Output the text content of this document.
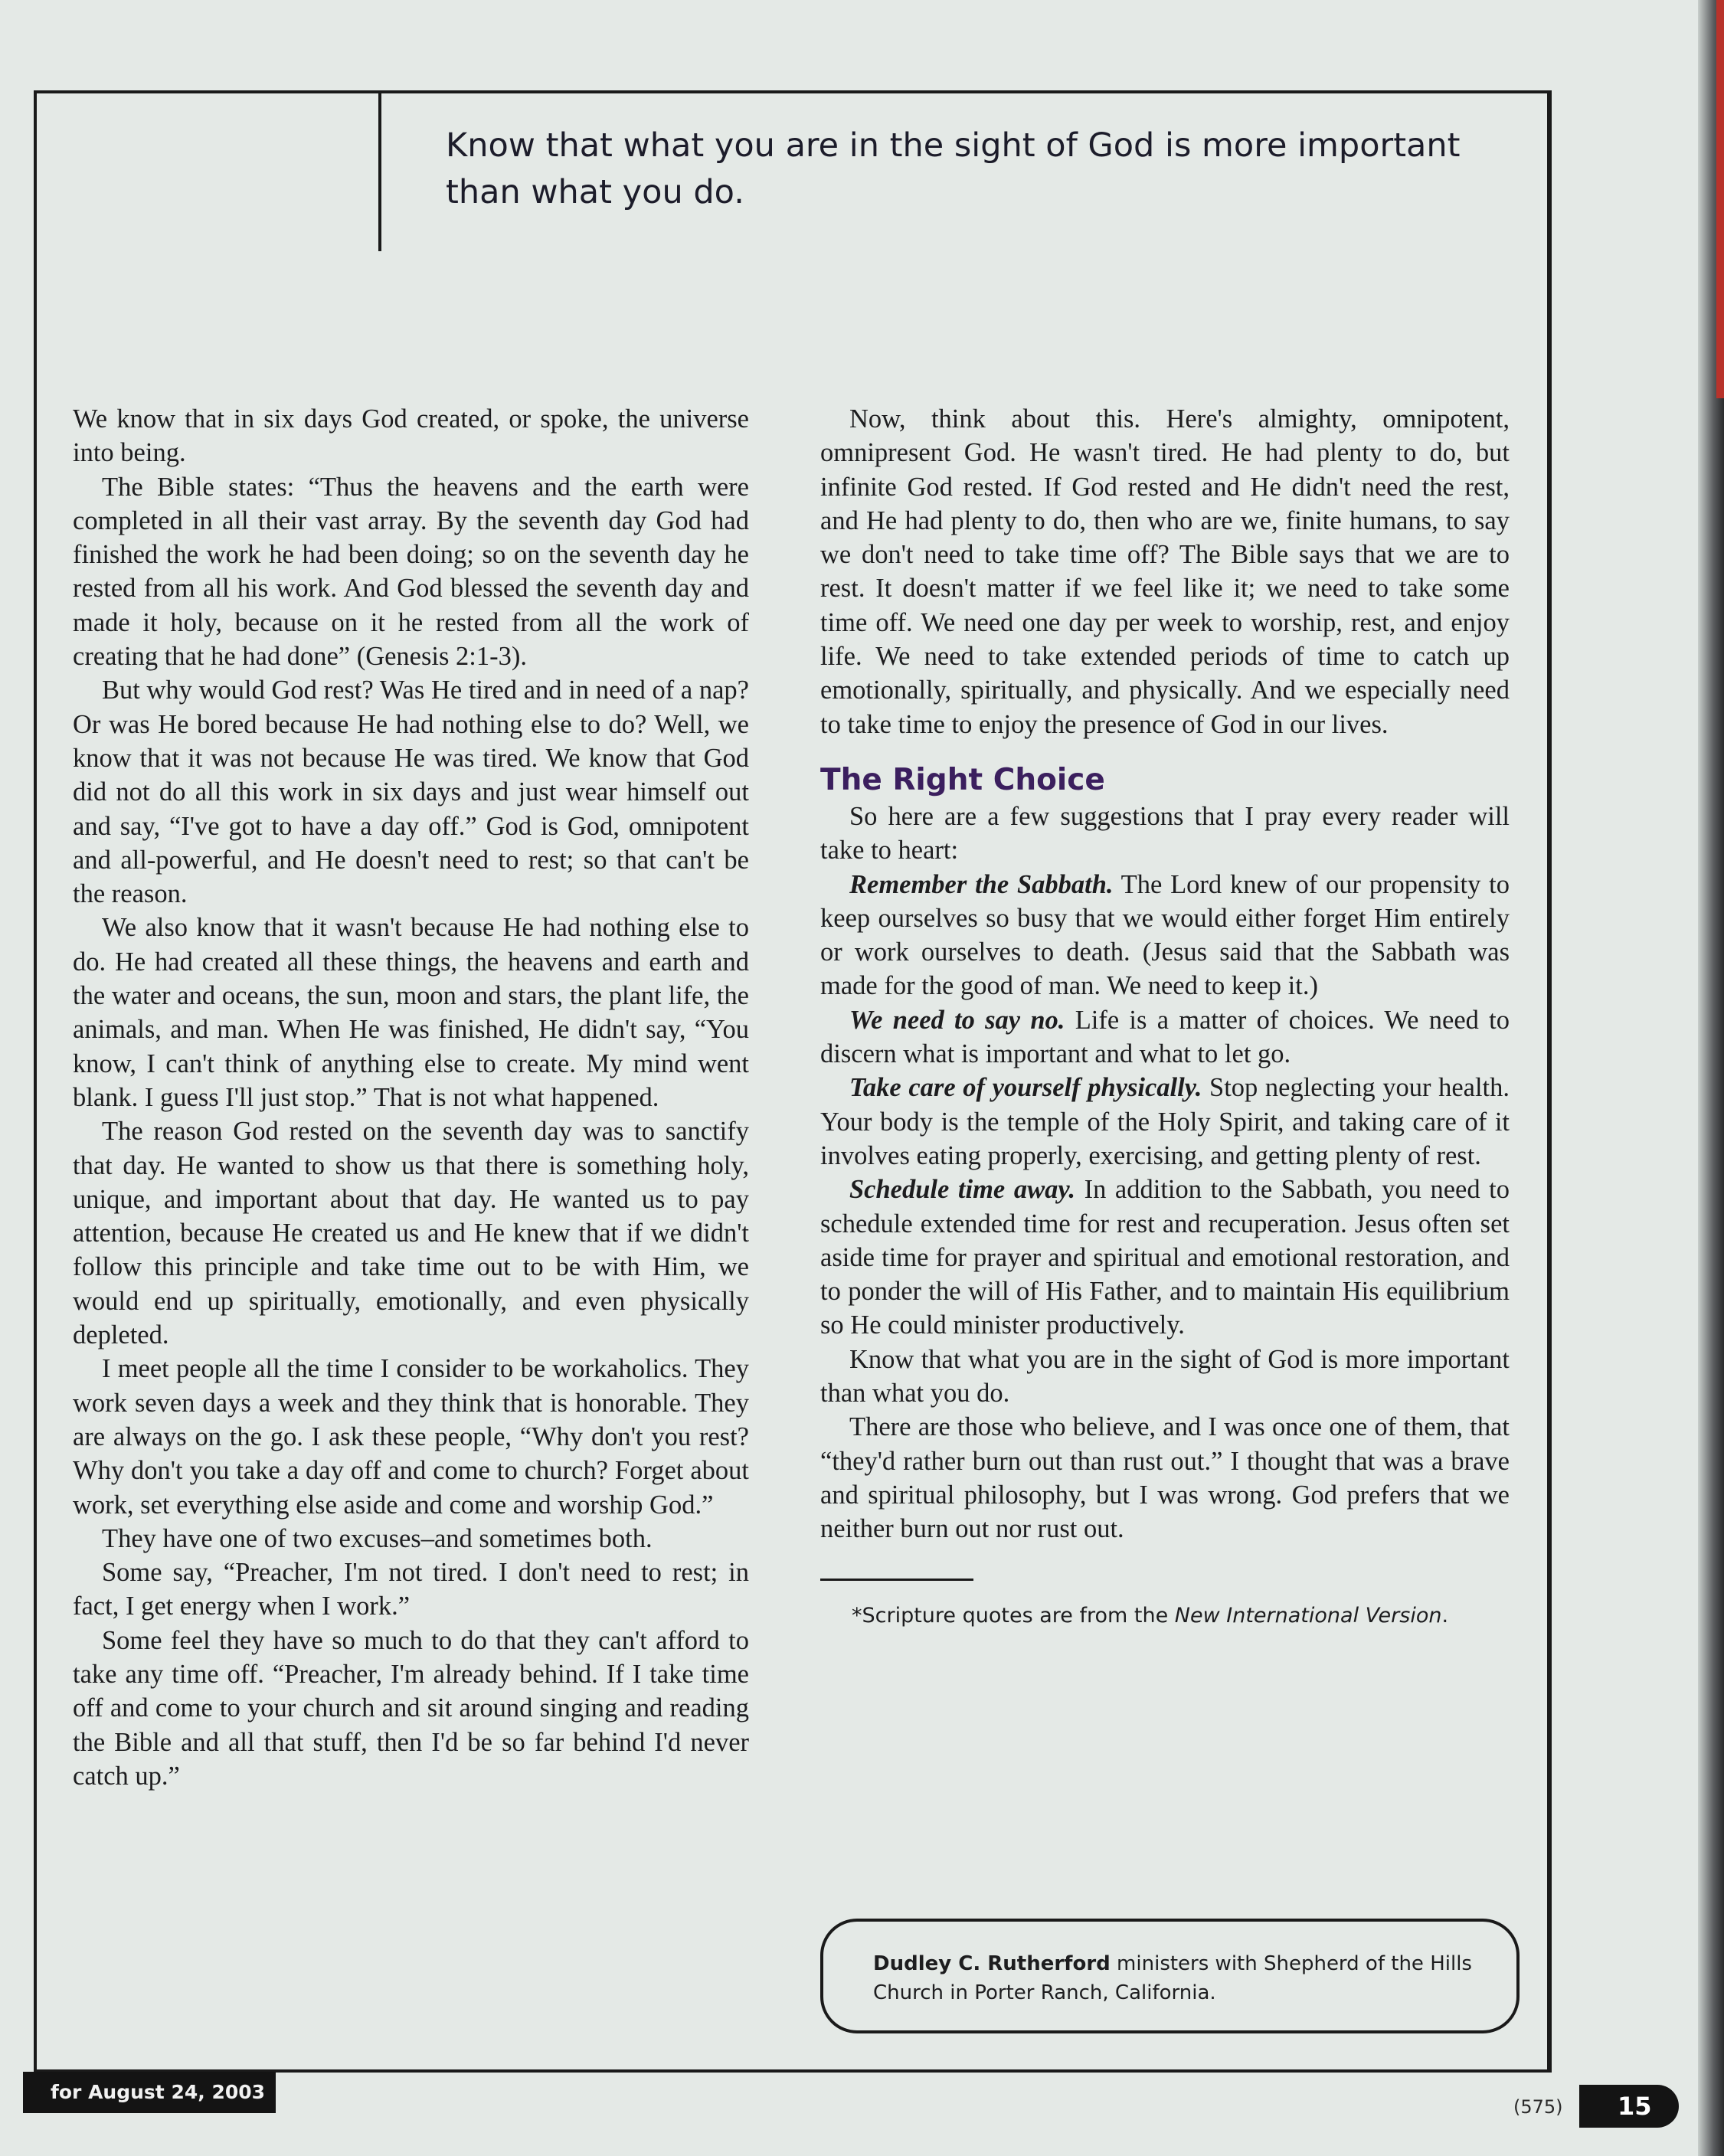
Know that what you are in the sight of God is more important than what you do.

We know that in six days God created, or spoke, the universe into being.

The Bible states: “Thus the heavens and the earth were completed in all their vast array. By the seventh day God had finished the work he had been doing; so on the seventh day he rested from all his work. And God blessed the seventh day and made it holy, because on it he rested from all the work of creating that he had done” (Genesis 2:1-3).

But why would God rest? Was He tired and in need of a nap? Or was He bored because He had nothing else to do? Well, we know that it was not because He was tired. We know that God did not do all this work in six days and just wear himself out and say, “I've got to have a day off.” God is God, omnipotent and all-powerful, and He doesn't need to rest; so that can't be the reason.

We also know that it wasn't because He had nothing else to do. He had created all these things, the heavens and earth and the water and oceans, the sun, moon and stars, the plant life, the animals, and man. When He was finished, He didn't say, “You know, I can't think of anything else to create. My mind went blank. I guess I'll just stop.” That is not what happened.

The reason God rested on the seventh day was to sanctify that day. He wanted to show us that there is something holy, unique, and important about that day. He wanted us to pay attention, because He created us and He knew that if we didn't follow this principle and take time out to be with Him, we would end up spiritually, emotionally, and even physically depleted.

I meet people all the time I consider to be workaholics. They work seven days a week and they think that is honorable. They are always on the go. I ask these people, “Why don't you rest? Why don't you take a day off and come to church? Forget about work, set everything else aside and come and worship God.”

They have one of two excuses–and sometimes both.

Some say, “Preacher, I'm not tired. I don't need to rest; in fact, I get energy when I work.”

Some feel they have so much to do that they can't afford to take any time off. “Preacher, I'm already behind. If I take time off and come to your church and sit around singing and reading the Bible and all that stuff, then I'd be so far behind I'd never catch up.”

Now, think about this. Here's almighty, omnipotent, omnipresent God. He wasn't tired. He had plenty to do, but infinite God rested. If God rested and He didn't need the rest, and He had plenty to do, then who are we, finite humans, to say we don't need to take time off? The Bible says that we are to rest. It doesn't matter if we feel like it; we need to take some time off. We need one day per week to worship, rest, and enjoy life. We need to take extended periods of time to catch up emotionally, spiritually, and physically. And we especially need to take time to enjoy the presence of God in our lives.

The Right Choice

So here are a few suggestions that I pray every reader will take to heart:

Remember the Sabbath. The Lord knew of our propensity to keep ourselves so busy that we would either forget Him entirely or work ourselves to death. (Jesus said that the Sabbath was made for the good of man. We need to keep it.)

We need to say no. Life is a matter of choices. We need to discern what is important and what to let go.

Take care of yourself physically. Stop neglecting your health. Your body is the temple of the Holy Spirit, and taking care of it involves eating properly, exercising, and getting plenty of rest.

Schedule time away. In addition to the Sabbath, you need to schedule extended time for rest and recuperation. Jesus often set aside time for prayer and spiritual and emotional restoration, and to ponder the will of His Father, and to maintain His equilibrium so He could minister productively.

Know that what you are in the sight of God is more important than what you do.

There are those who believe, and I was once one of them, that “they'd rather burn out than rust out.” I thought that was a brave and spiritual philosophy, but I was wrong. God prefers that we neither burn out nor rust out.

*Scripture quotes are from the New International Version.
Dudley C. Rutherford ministers with Shepherd of the Hills Church in Porter Ranch, California.
for August 24, 2003
(575)	15
